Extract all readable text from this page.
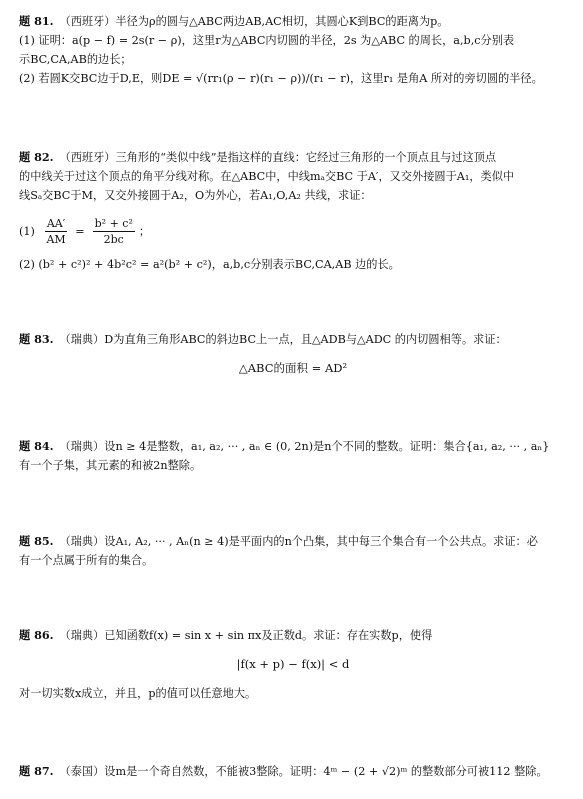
题 81. （西班牙）半径为ρ的圆与△ABC两边AB,AC相切，其圆心K到BC的距离为p。
(1) 证明：a(p − f) = 2s(r − ρ)，这里r为△ABC内切圆的半径，2s 为△ABC 的周长，a,b,c分别表
示BC,CA,AB的边长；
(2) 若圆K交BC边于D,E，则DE = √(rr₁(ρ − r)(r₁ − ρ))/(r₁ − r)，这里r₁ 是角A 所对的旁切圆的半径。
题 82. （西班牙）三角形的“类似中线”是指这样的直线：它经过三角形的一个顶点且与过这顶点
的中线关于过这个顶点的角平分线对称。在△ABC中，中线mₐ交BC 于A′，又交外接圆于A₁，类似中
线Sₐ交BC于M，又交外接圆于A₂，O为外心，若A₁,O,A₂ 共线，求证：
$(1) \frac{AA'}{AM} = \frac{\text{b² + c²}}{2bc}$ ；
(2) (b² + c²)² + 4b²c² = a²(b² + c²)，a,b,c分别表示BC,CA,AB 边的长。
题 83. （瑞典）D为直角三角形ABC的斜边BC上一点，且△ADB与△ADC 的内切圆相等。求证：
△ABC的面积 = AD²
题 84. （瑞典）设n ≥ 4是整数，a₁, a₂, ··· , aₙ ∈ (0, 2n)是n个不同的整数。证明：集合{a₁, a₂, ··· , aₙ}
有一个子集，其元素的和被2n整除。
题 85. （瑞典）设A₁, A₂, ··· , Aₙ(n ≥ 4)是平面内的n个凸集，其中每三个集合有一个公共点。求证：必
有一个点属于所有的集合。
题 86. （瑞典）已知函数f(x) = sin x + sin πx及正数d。求证：存在实数p，使得
|f(x + p) − f(x)| < d
对一切实数x成立，并且，p的值可以任意地大。
题 87. （泰国）设m是一个奇自然数，不能被3整除。证明：4ᵐ − (2 + √2)ᵐ 的整数部分可被112 整除。
